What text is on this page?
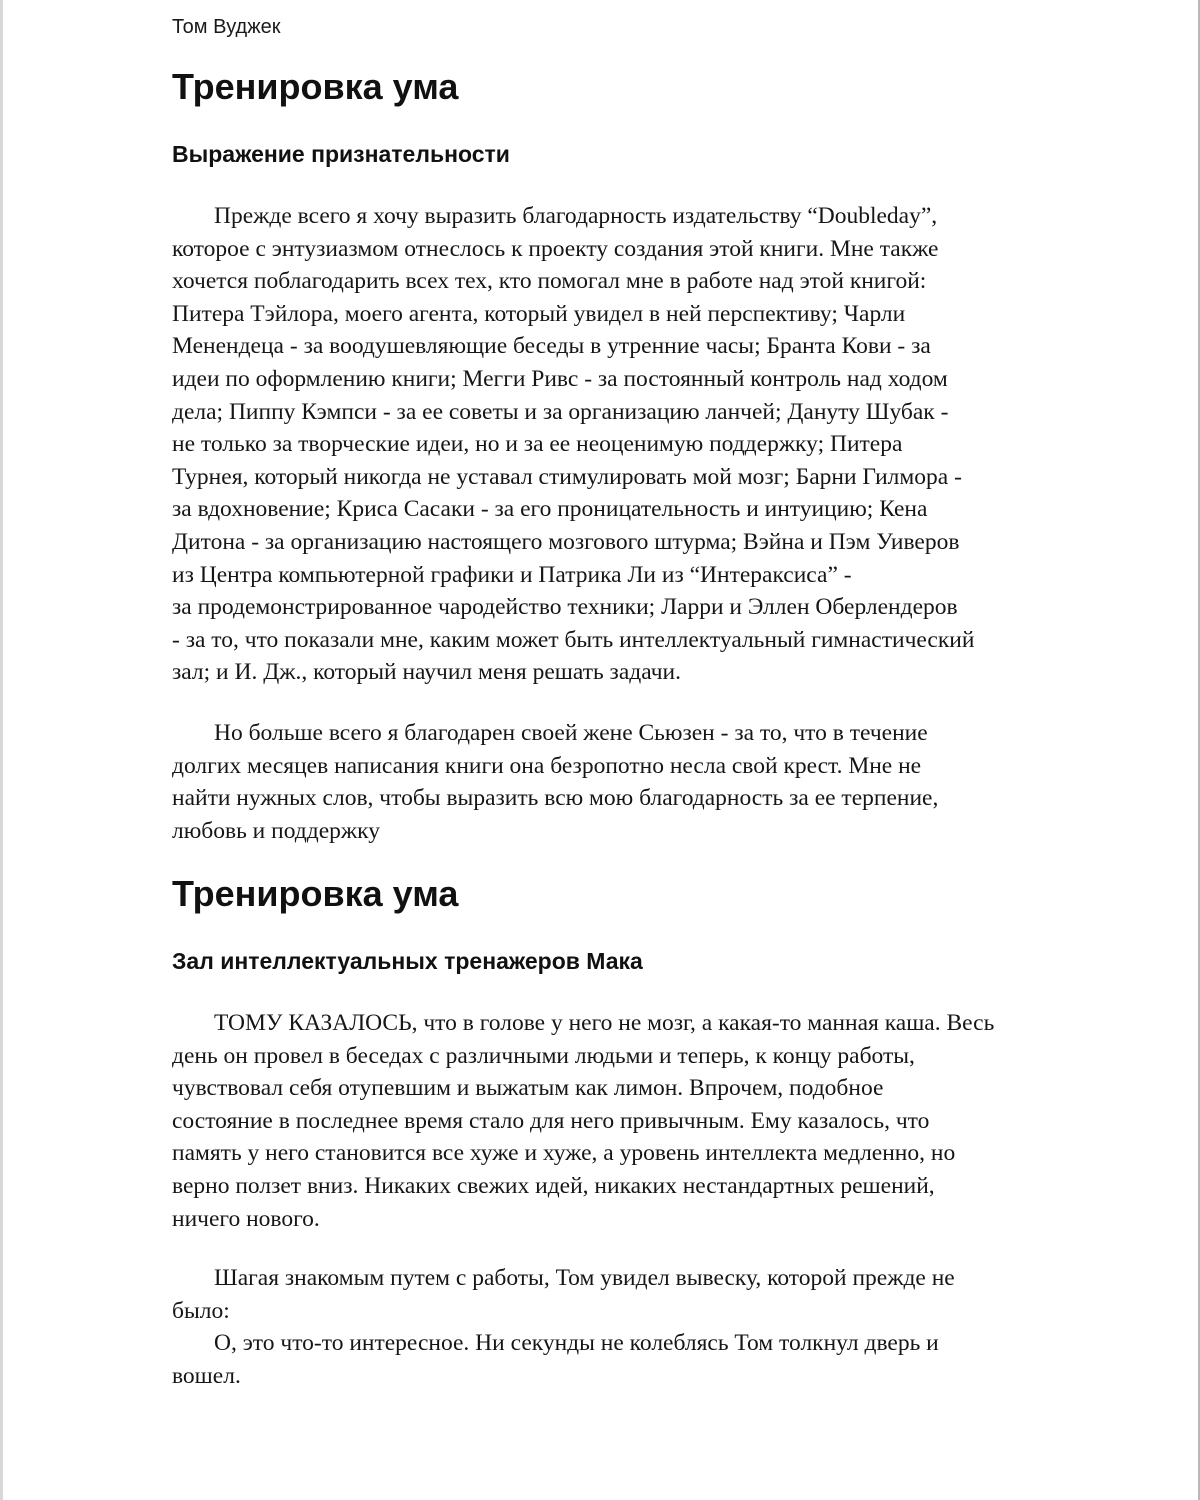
Том Вуджек
Тренировка ума
Выражение признательности
Прежде всего я хочу выразить благодарность издательству “Doubleday”,
которое с энтузиазмом отнеслось к проекту создания этой книги. Мне также
хочется поблагодарить всех тех, кто помогал мне в работе над этой книгой:
Питера Тэйлора, моего агента, который увидел в ней перспективу; Чарли
Менендеца - за воодушевляющие беседы в утренние часы; Бранта Кови - за
идеи по оформлению книги; Мегги Ривс - за постоянный контроль над ходом
дела; Пиппу Кэмпси - за ее советы и за организацию ланчей; Дануту Шубак -
не только за творческие идеи, но и за ее неоценимую поддержку; Питера
Турнея, который никогда не уставал стимулировать мой мозг; Барни Гилмора -
за вдохновение; Криса Сасаки - за его проницательность и интуицию; Кена
Дитона - за организацию настоящего мозгового штурма; Вэйна и Пэм Уиверов
из Центра компьютерной графики и Патрика Ли из “Интераксиса” -
за продемонстрированное чародейство техники; Ларри и Эллен Оберлендеров
- за то, что показали мне, каким может быть интеллектуальный гимнастический
зал; и И. Дж., который научил меня решать задачи.
Но больше всего я благодарен своей жене Сьюзен - за то, что в течение
долгих месяцев написания книги она безропотно несла свой крест. Мне не
найти нужных слов, чтобы выразить всю мою благодарность за ее терпение,
любовь и поддержку
Тренировка ума
Зал интеллектуальных тренажеров Мака
ТОМУ КАЗАЛОСЬ, что в голове у него не мозг, а какая-то манная каша. Весь
день он провел в беседах с различными людьми и теперь, к концу работы,
чувствовал себя отупевшим и выжатым как лимон. Впрочем, подобное
состояние в последнее время стало для него привычным. Ему казалось, что
память у него становится все хуже и хуже, а уровень интеллекта медленно, но
верно ползет вниз. Никаких свежих идей, никаких нестандартных решений,
ничего нового.
Шагая знакомым путем с работы, Том увидел вывеску, которой прежде не
было:
О, это что-то интересное. Ни секунды не колеблясь Том толкнул дверь и
вошел.
